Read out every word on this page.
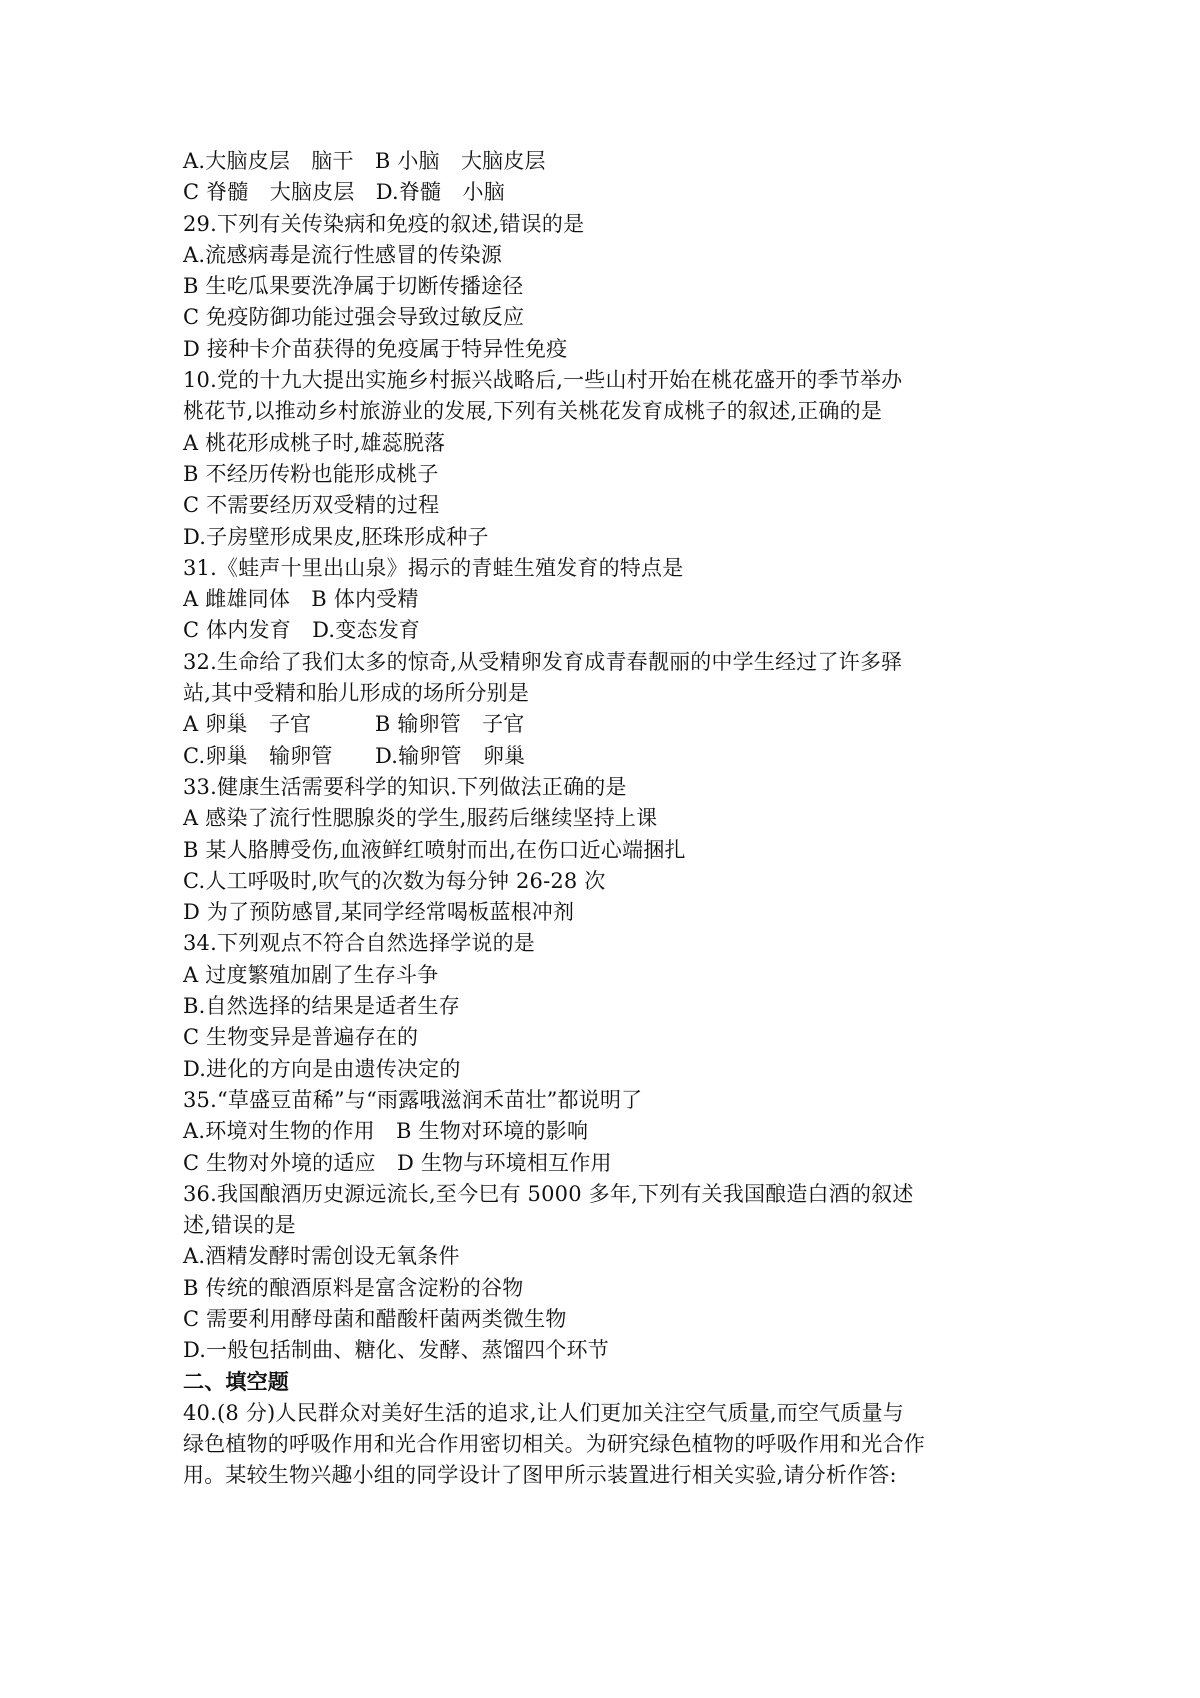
A.大脑皮层　脑干　B 小脑　大脑皮层
C 脊髓　大脑皮层　D.脊髓　小脑
29.下列有关传染病和免疫的叙述,错误的是
A.流感病毒是流行性感冒的传染源
B 生吃瓜果要洗净属于切断传播途径
C 免疫防御功能过强会导致过敏反应
D 接种卡介苗获得的免疫属于特异性免疫
10.党的十九大提出实施乡村振兴战略后,一些山村开始在桃花盛开的季节举办
桃花节,以推动乡村旅游业的发展,下列有关桃花发育成桃子的叙述,正确的是
A 桃花形成桃子时,雄蕊脱落
B 不经历传粉也能形成桃子
C 不需要经历双受精的过程
D.子房壁形成果皮,胚珠形成种子
31.《蛙声十里出山泉》揭示的青蛙生殖发育的特点是
A 雌雄同体　B 体内受精
C 体内发育　D.变态发育
32.生命给了我们太多的惊奇,从受精卵发育成青春靓丽的中学生经过了许多驿
站,其中受精和胎儿形成的场所分别是
A 卵巢　子官　　　B 输卵管　子官
C.卵巢　输卵管　　D.输卵管　卵巢
33.健康生活需要科学的知识.下列做法正确的是
A 感染了流行性腮腺炎的学生,服药后继续坚持上课
B 某人胳膊受伤,血液鲜红喷射而出,在伤口近心端捆扎
C.人工呼吸时,吹气的次数为每分钟 26-28 次
D 为了预防感冒,某同学经常喝板蓝根冲剂
34.下列观点不符合自然选择学说的是
A 过度繁殖加剧了生存斗争
B.自然选择的结果是适者生存
C 生物变异是普遍存在的
D.进化的方向是由遗传决定的
35.“草盛豆苗稀”与“雨露哦滋润禾苗壮”都说明了
A.环境对生物的作用　B 生物对环境的影响
C 生物对外境的适应　D 生物与环境相互作用
36.我国酿酒历史源远流长,至今巳有 5000 多年,下列有关我国酿造白酒的叙述
述,错误的是
A.酒精发酵时需创设无氧条件
B 传统的酿酒原料是富含淀粉的谷物
C 需要利用酵母菌和醋酸杆菌两类微生物
D.一般包括制曲、糖化、发酵、蒸馏四个环节
二、填空题
40.(8 分)人民群众对美好生活的追求,让人们更加关注空气质量,而空气质量与
绿色植物的呼吸作用和光合作用密切相关。为研究绿色植物的呼吸作用和光合作
用。某较生物兴趣小组的同学设计了图甲所示装置进行相关实验,请分析作答:
